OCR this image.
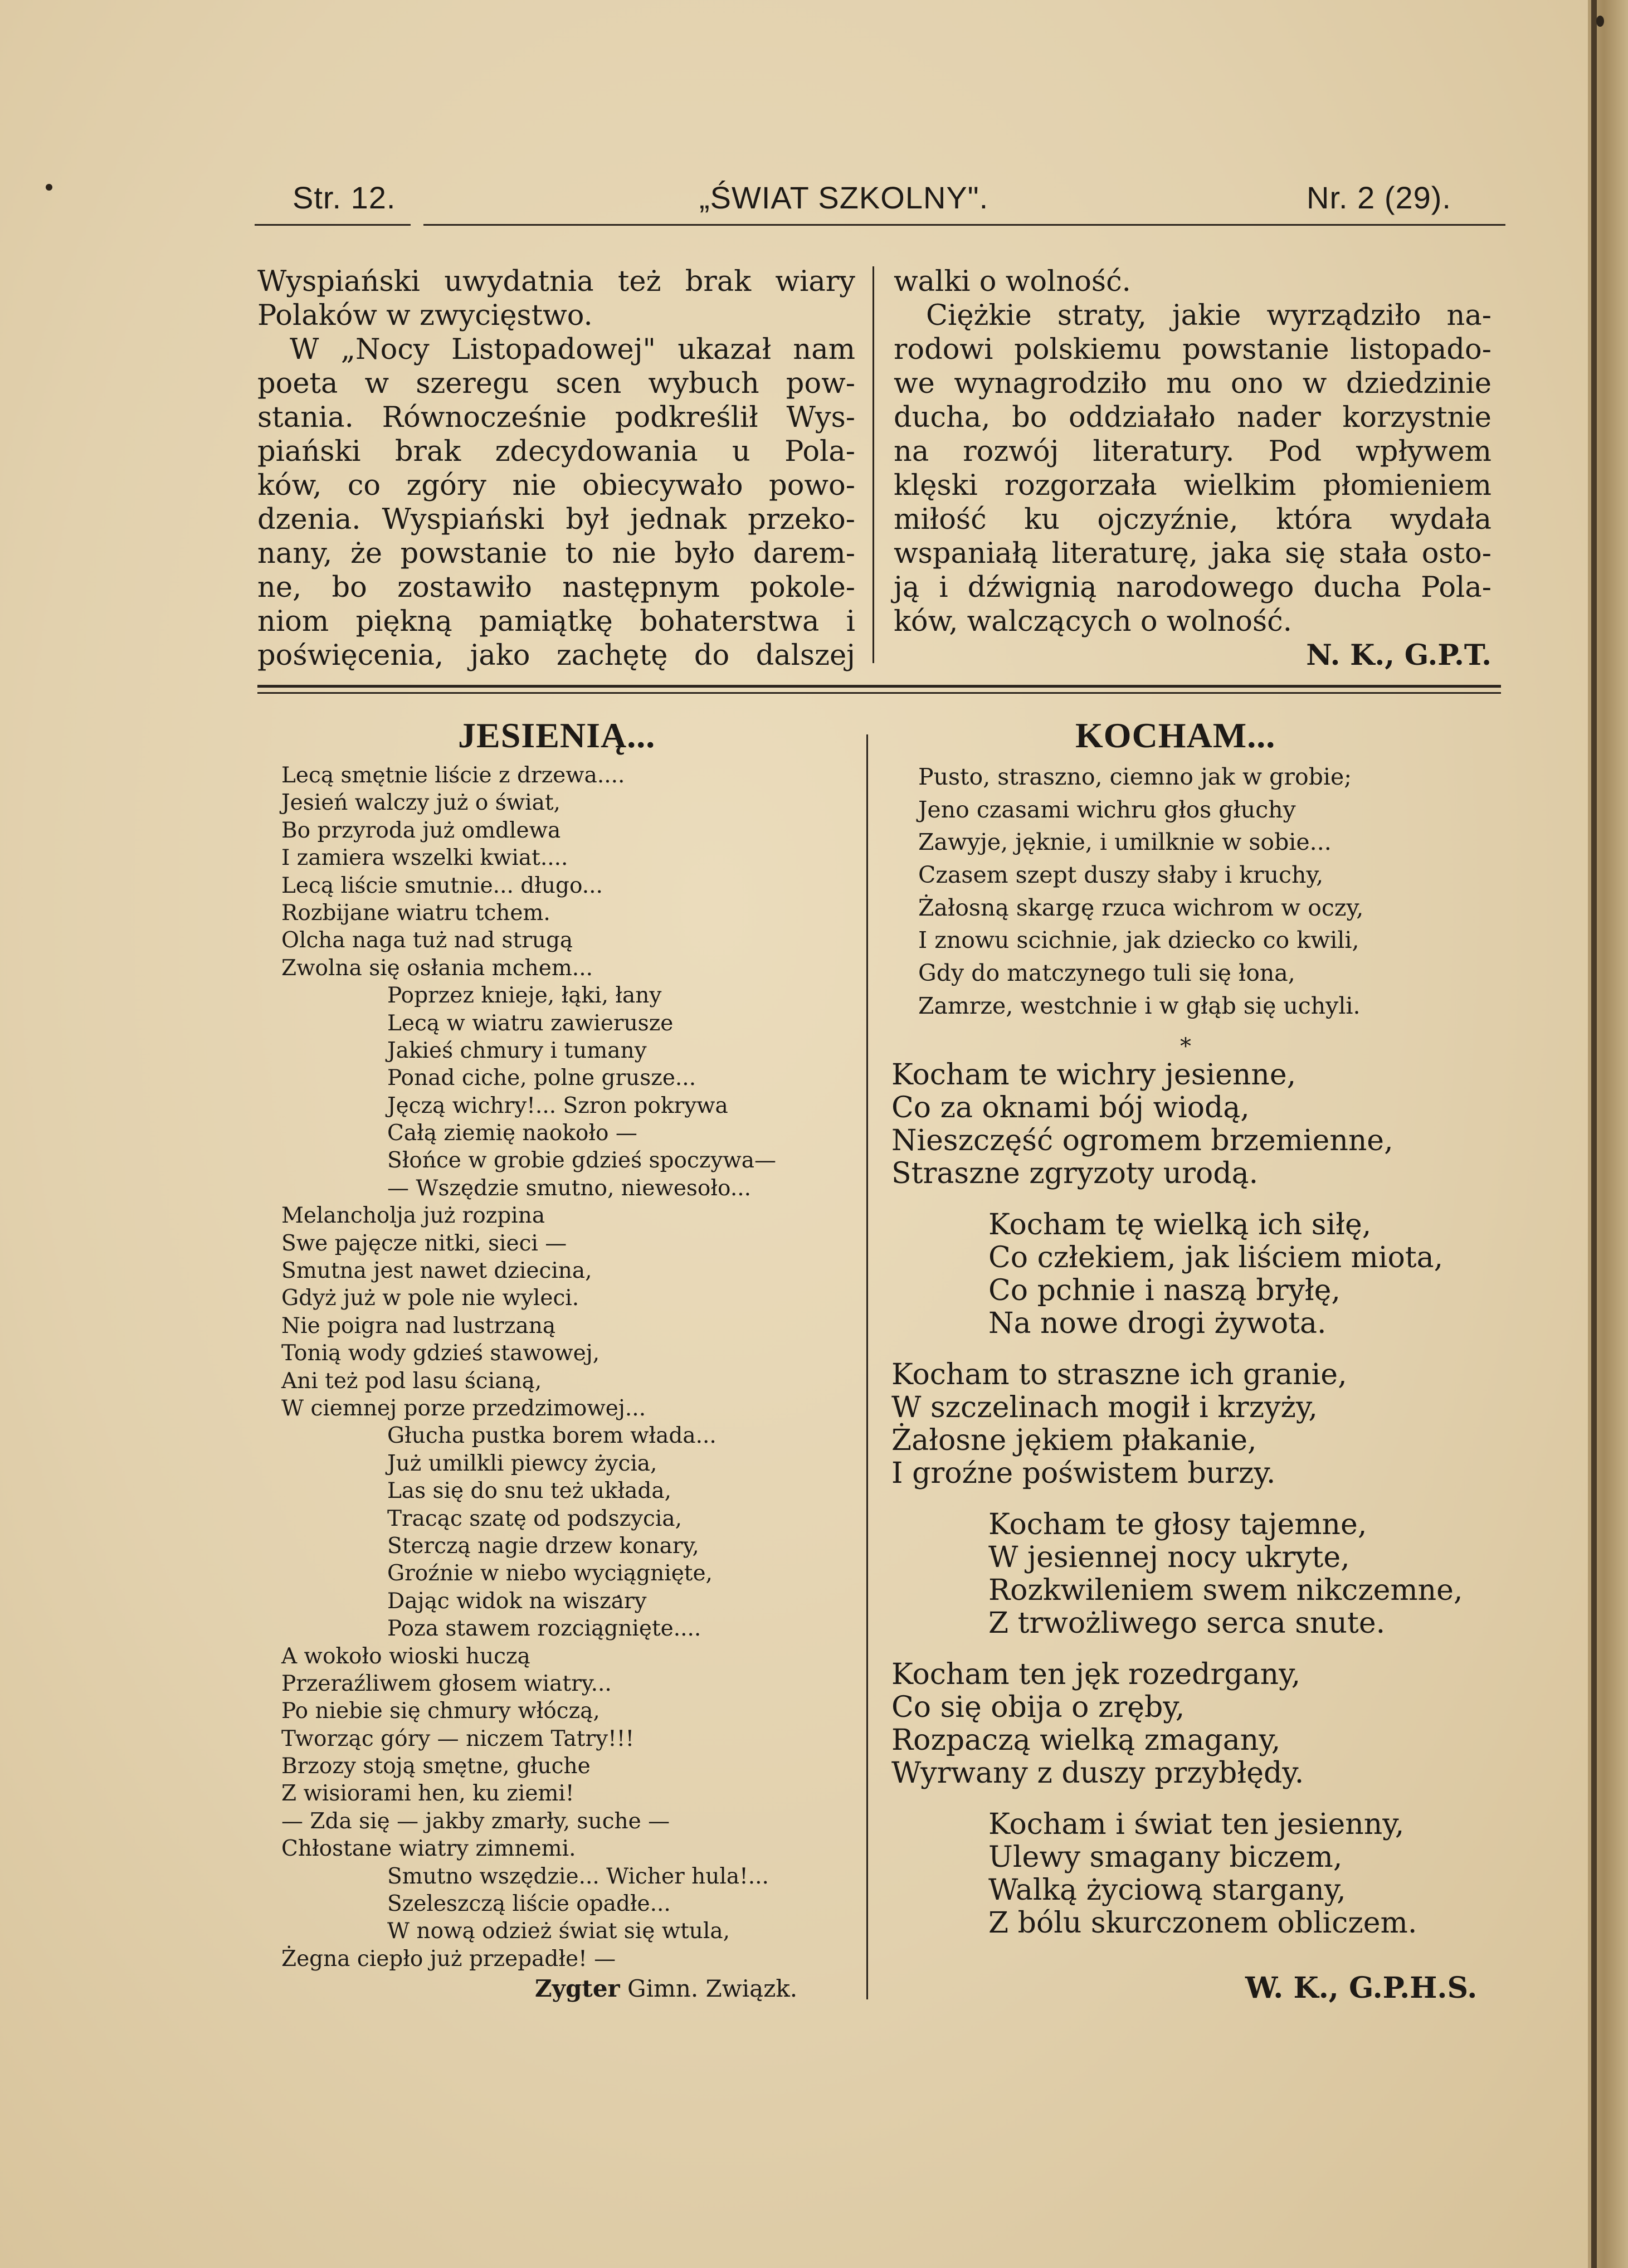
Str. 12.	„ŚWIAT SZKOLNY".	Nr. 2 (29).

Wyspiański uwydatnia też brak wiary

Polaków w zwycięstwo.

W „Nocy Listopadowej" ukazał nam

poeta w szeregu scen wybuch pow-

stania. Równocześnie podkreślił Wys-

piański brak zdecydowania u Pola-

ków, co zgóry nie obiecywało powo-

dzenia. Wyspiański był jednak przeko-

nany, że powstanie to nie było darem-

ne, bo zostawiło następnym pokole-

niom piękną pamiątkę bohaterstwa i

poświęcenia, jako zachętę do dalszej

walki o wolność.

Ciężkie straty, jakie wyrządziło na-

rodowi polskiemu powstanie listopado-

we wynagrodziło mu ono w dziedzinie

ducha, bo oddziałało nader korzystnie

na rozwój literatury. Pod wpływem

klęski rozgorzała wielkim płomieniem

miłość ku ojczyźnie, która wydała

wspaniałą literaturę, jaka się stała osto-

ją i dźwignią narodowego ducha Pola-

ków, walczących o wolność.

N. K., G.P.T.

JESIENIĄ...
Lecą smętnie liście z drzewa....
Jesień walczy już o świat,
Bo przyroda już omdlewa
I zamiera wszelki kwiat....
Lecą liście smutnie... długo...
Rozbijane wiatru tchem.
Olcha naga tuż nad strugą
Zwolna się osłania mchem...
Poprzez knieje, łąki, łany
Lecą w wiatru zawierusze
Jakieś chmury i tumany
Ponad ciche, polne grusze...
Jęczą wichry!... Szron pokrywa
Całą ziemię naokoło —
Słońce w grobie gdzieś spoczywa—
— Wszędzie smutno, niewesoło...
Melancholja już rozpina
Swe pajęcze nitki, sieci —
Smutna jest nawet dziecina,
Gdyż już w pole nie wyleci.
Nie poigra nad lustrzaną
Tonią wody gdzieś stawowej,
Ani też pod lasu ścianą,
W ciemnej porze przedzimowej...
Głucha pustka borem włada...
Już umilkli piewcy życia,
Las się do snu też układa,
Tracąc szatę od podszycia,
Sterczą nagie drzew konary,
Groźnie w niebo wyciągnięte,
Dając widok na wiszary
Poza stawem rozciągnięte....
A wokoło wioski huczą
Przeraźliwem głosem wiatry...
Po niebie się chmury włóczą,
Tworząc góry — niczem Tatry!!!
Brzozy stoją smętne, głuche
Z wisiorami hen, ku ziemi!
— Zda się — jakby zmarły, suche —
Chłostane wiatry zimnemi.
Smutno wszędzie... Wicher hula!...
Szeleszczą liście opadłe...
W nową odzież świat się wtula,
Żegna ciepło już przepadłe! —
Zygter Gimn. Związk.
KOCHAM...
Pusto, straszno, ciemno jak w grobie;
Jeno czasami wichru głos głuchy
Zawyje, jęknie, i umilknie w sobie...
Czasem szept duszy słaby i kruchy,
Żałosną skargę rzuca wichrom w oczy,
I znowu scichnie, jak dziecko co kwili,
Gdy do matczynego tuli się łona,
Zamrze, westchnie i w głąb się uchyli.
*
Kocham te wichry jesienne,
Co za oknami bój wiodą,
Nieszczęść ogromem brzemienne,
Straszne zgryzoty urodą.
Kocham tę wielką ich siłę,
Co człekiem, jak liściem miota,
Co pchnie i naszą bryłę,
Na nowe drogi żywota.
Kocham to straszne ich granie,
W szczelinach mogił i krzyży,
Żałosne jękiem płakanie,
I groźne poświstem burzy.
Kocham te głosy tajemne,
W jesiennej nocy ukryte,
Rozkwileniem swem nikczemne,
Z trwożliwego serca snute.
Kocham ten jęk rozedrgany,
Co się obija o zręby,
Rozpaczą wielką zmagany,
Wyrwany z duszy przybłędy.
Kocham i świat ten jesienny,
Ulewy smagany biczem,
Walką życiową stargany,
Z bólu skurczonem obliczem.
W. K., G.P.H.S.
